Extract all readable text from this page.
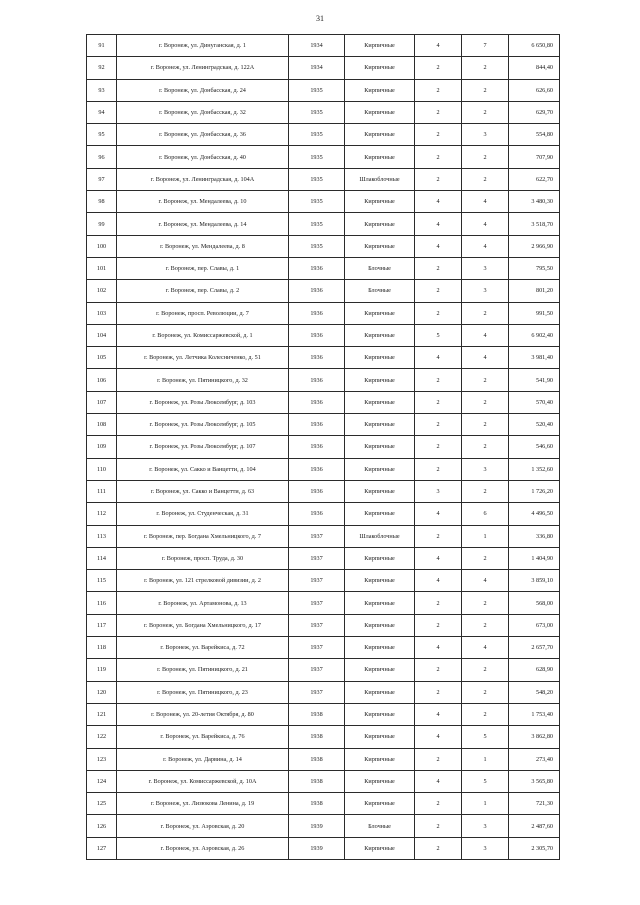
31
91	г. Воронеж, ул. Динуганская, д. 1	1934	Кирпичные	4	7	6 650,80
92	г. Воронеж, ул. Ленинградская, д. 122А	1934	Кирпичные	2	2	844,40
93	г. Воронеж, ул. Донбасская, д. 24	1935	Кирпичные	2	2	626,60
94	г. Воронеж, ул. Донбасская, д. 32	1935	Кирпичные	2	2	629,70
95	г. Воронеж, ул. Донбасская, д. 36	1935	Кирпичные	2	3	554,80
96	г. Воронеж, ул. Донбасская, д. 40	1935	Кирпичные	2	2	707,90
97	г. Воронеж, ул. Ленинградская, д. 104А	1935	Шлакоблочные	2	2	622,70
98	г. Воронеж, ул. Мендалеева, д. 10	1935	Кирпичные	4	4	3 480,30
99	г. Воронеж, ул. Мендалеева, д. 14	1935	Кирпичные	4	4	3 518,70
100	г. Воронеж, ул. Мендалеева, д. 8	1935	Кирпичные	4	4	2 966,90
101	г. Воронеж, пер. Славы, д. 1	1936	Блочные	2	3	795,50
102	г. Воронеж, пер. Славы, д. 2	1936	Блочные	2	3	801,20
103	г. Воронеж, просп. Революции, д. 7	1936	Кирпичные	2	2	991,50
104	г. Воронеж, ул. Комиссаржевской, д. 1	1936	Кирпичные	5	4	6 902,40
105	г. Воронеж, ул. Летчика Колесниченко, д. 51	1936	Кирпичные	4	4	3 981,40
106	г. Воронеж, ул. Пятиницкого, д. 32	1936	Кирпичные	2	2	541,90
107	г. Воронеж, ул. Розы Люксембург, д. 103	1936	Кирпичные	2	2	570,40
108	г. Воронеж, ул. Розы Люксембург, д. 105	1936	Кирпичные	2	2	520,40
109	г. Воронеж, ул. Розы Люксембург, д. 107	1936	Кирпичные	2	2	546,60
110	г. Воронеж, ул. Сакко и Ванцетти, д. 104	1936	Кирпичные	2	3	1 352,60
111	г. Воронеж, ул. Сакко и Ванцетти, д. 63	1936	Кирпичные	3	2	1 726,20
112	г. Воронеж, ул. Студенческая, д. 31	1936	Кирпичные	4	6	4 496,50
113	г. Воронеж, пер. Богдана Хмельницкого, д. 7	1937	Шлакоблочные	2	1	336,80
114	г. Воронеж, просп. Труда, д. 30	1937	Кирпичные	4	2	1 404,90
115	г. Воронеж, ул. 121 стрелковой дивизии, д. 2	1937	Кирпичные	4	4	3 859,10
116	г. Воронеж, ул. Артамонова, д. 13	1937	Кирпичные	2	2	568,00
117	г. Воронеж, ул. Богдана Хмельницкого, д. 17	1937	Кирпичные	2	2	673,00
118	г. Воронеж, ул. Варейкиса, д. 72	1937	Кирпичные	4	4	2 657,70
119	г. Воронеж, ул. Пятиницкого, д. 21	1937	Кирпичные	2	2	628,90
120	г. Воронеж, ул. Пятиницкого, д. 23	1937	Кирпичные	2	2	548,20
121	г. Воронеж, ул. 20-летия Октября, д. 80	1938	Кирпичные	4	2	1 753,40
122	г. Воронеж, ул. Варейкиса, д. 76	1938	Кирпичные	4	5	3 862,80
123	г. Воронеж, ул. Дарвина, д. 14	1938	Кирпичные	2	1	273,40
124	г. Воронеж, ул. Комиссаржевской, д. 10А	1938	Кирпичные	4	5	3 565,80
125	г. Воронеж, ул. Лизюкова Ленина, д. 19	1938	Кирпичные	2	1	721,30
126	г. Воронеж, ул. Аэровская, д. 20	1939	Блочные	2	3	2 487,60
127	г. Воронеж, ул. Аэровская, д. 26	1939	Кирпичные	2	3	2 305,70
